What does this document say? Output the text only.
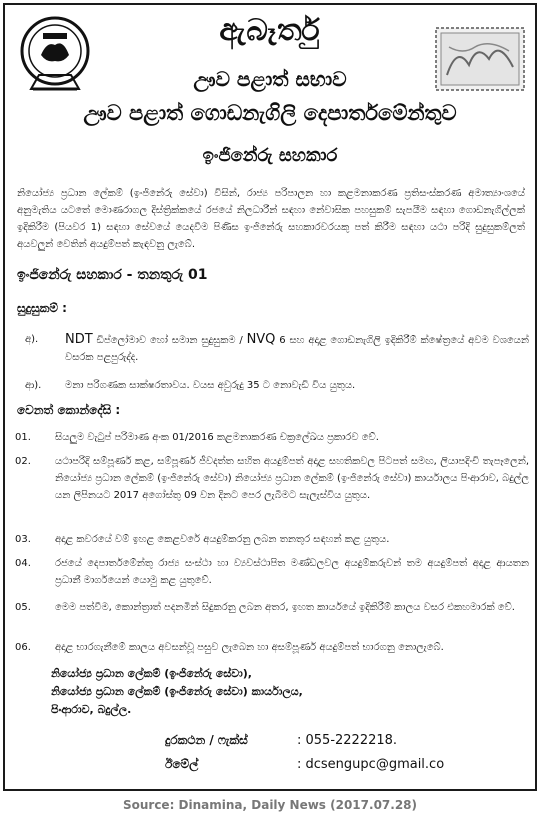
ඇබෑර්තු
ඌව පළාත් සභාව
ඌව පළාත් ගොඩනැගිලි දෙපාර්තමේන්තුව
ඉංජිනේරු සහකාර

නියෝජ්‍ය ප්‍රධාන ලේකම් (ඉංජිනේරු සේවා) විසින්, රාජ්‍ය පරිපාලන හා කළමනාකරණ ප්‍රතිසංස්කරණ අමාත්‍යාංශයේ අනුමැතිය යටතේ මොණරාගල දිස්ත්‍රික්කයේ රජයේ නිලධාරීන් සඳහා නේවාසික පහසුකම් සැපයීම සඳහා ගොඩනැගිල්ලක් ඉදිකිරීම (පියවර 1) සඳහා සේවයේ යෙදවීම පිණිස ඉංජිනේරු සහකාරවරයකු පත් කිරීම සඳහා යථා පරිදි සුදුසුකම්ලත් අයවලුන් වෙතින් අයදුම්පත් කැඳවනු ලැබේ.

ඉංජිනේරු සහකාර - තනතුරු 01
සුදුසුකම් :
අ).	NDT ඩිප්ලෝමාව හෝ සමාන සුදුසුකම / NVQ 6 සහ අදාළ ගොඩනැගිලි ඉදිකිරීම් ක්ෂේත්‍රයේ අවම වශයෙන් වසරක පළපුරුද්ද.
ආ).	මනා පරිගණක සාක්ෂරතාවය. වයස අවුරුදු 35 ට නොවැඩි විය යුතුය.
වෙනත් කොන්දේසි :
01.	සියලුම වැටුප් පරිමාණ අංක 01/2016 කළමනාකරණ චක්‍රලේඛය ප්‍රකාරව වේ.
02.	යථාපරිදි සම්පූර්ණ කළ, සම්පූර්ණ ජීවදත්ත සහිත අයදුම්පත් අදාළ සහතිකවල පිටපත් සමඟ, ලියාපදිංචි තැපෑලෙන්, නියෝජ්‍ය ප්‍රධාන ලේකම් (ඉංජිනේරු සේවා) නියෝජ්‍ය ප්‍රධාන ලේකම් (ඉංජිනේරු සේවා) කාර්යාලය පිංආරාව, බදුල්ල යන ලිපිනයට 2017 අගෝස්තු 09 වන දිනට පෙර ලැබීමට සැලැස්විය යුතුය.
03.	අදාළ කවරයේ වම් ඉහළ කෙළවරේ අයදුම්කරනු ලබන තනතුර සඳහන් කළ යුතුය.
04.	රජයේ දෙපාර්තමේන්තු රාජ්‍ය සංස්ථා හා ව්‍යවස්ථාපිත මණ්ඩලවල අයදුම්කරුවන් තම අයදුම්පත් අදාළ ආයතන ප්‍රධානී මාර්ගයෙන් යොමු කළ යුතුවේ.
05.	මෙම පත්වීම, කොන්ත්‍රාත් පදනමින් සිදුකරනු ලබන අතර, ඉහත කාර්යයේ ඉදිකිරීම් කාලය වසර එකහමාරක් වේ.
06.	අදාළ භාරගැනීමේ කාලය අවසන්වූ පසුව ලැබෙන හා අසම්පූර්ණ අයදුම්පත් භාරගනු නොලැබේ.
නියෝජ්‍ය ප්‍රධාන ලේකම් (ඉංජිනේරු සේවා),
නියෝජ්‍ය ප්‍රධාන ලේකම් (ඉංජිනේරු සේවා) කාර්යාලය,
පිංආරාව, බදුල්ල.
දුරකථන / ෆැක්ස්	: 055-2222218.
ඊමේල්	: dcsengupc@gmail.co
Source: Dinamina, Daily News (2017.07.28)
